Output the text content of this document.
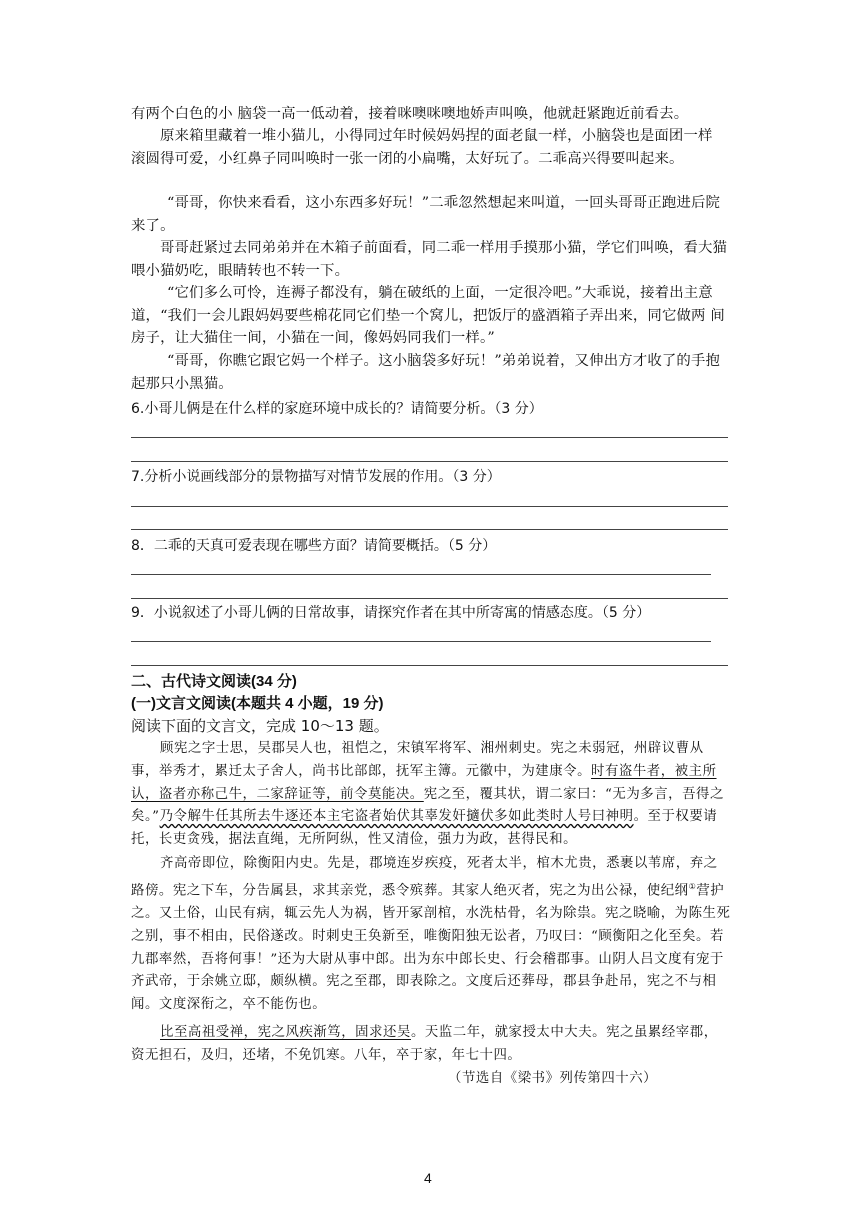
有两个白色的小 脑袋一高一低动着，接着咪噢咪噢地娇声叫唤，他就赶紧跑近前看去。

原来箱里藏着一堆小猫儿，小得同过年时候妈妈捏的面老鼠一样，小脑袋也是面团一样 滚圆得可爱，小红鼻子同叫唤时一张一闭的小扁嘴，太好玩了。二乖高兴得要叫起来。

“哥哥，你快来看看，这小东西多好玩！”二乖忽然想起来叫道，一回头哥哥正跑进后院 来了。

哥哥赶紧过去同弟弟并在木箱子前面看，同二乖一样用手摸那小猫，学它们叫唤，看大猫 喂小猫奶吃，眼睛转也不转一下。

“它们多么可怜，连褥子都没有，躺在破纸的上面，一定很冷吧。”大乖说，接着出主意 道，“我们一会儿跟妈妈要些棉花同它们垫一个窝儿，把饭厅的盛酒箱子弄出来，同它做两 间房子，让大猫住一间，小猫在一间，像妈妈同我们一样。”

“哥哥，你瞧它跟它妈一个样子。这小脑袋多好玩！”弟弟说着，又伸出方才收了的手抱 起那只小黑猫。

6.小哥儿俩是在什么样的家庭环境中成长的？请简要分析。（3 分）

7.分析小说画线部分的景物描写对情节发展的作用。（3 分）

8．二乖的天真可爱表现在哪些方面？请简要概括。（5 分）

9．小说叙述了小哥儿俩的日常故事，请探究作者在其中所寄寓的情感态度。（5 分）

二、古代诗文阅读(34 分)

(一)文言文阅读(本题共 4 小题，19 分)

阅读下面的文言文，完成 10～13 题。

顾宪之字士思，吴郡吴人也，祖恺之，宋镇军将军、湘州刺史。宪之未弱冠，州辟议曹从事，举秀才，累迁太子舍人，尚书比部郎，抚军主簿。元徽中，为建康令。时有盗牛者，被主所认，盗者亦称己牛，二家辞证等，前令莫能决。宪之至，覆其状，谓二家曰：“无为多言，吾得之矣。”乃令解牛任其所去牛逐还本主宅盗者始伏其辜发奸擿伏多如此类时人号曰神明。至于权要请托，长吏贪残，据法直绳，无所阿纵，性又清俭，强力为政，甚得民和。

齐高帝即位，除衡阳内史。先是，郡境连岁疾疫，死者太半，棺木尤贵，悉裹以苇席，弃之路傍。宪之下车，分告属县，求其亲党，悉令殡葬。其家人绝灭者，宪之为出公禄，使纪纲①营护之。又土俗，山民有病，辄云先人为祸，皆开冢剖棺，水洗枯骨，名为除祟。宪之晓喻，为陈生死之别，事不相由，民俗遂改。时刺史王奂新至，唯衡阳独无讼者，乃叹曰：“顾衡阳之化至矣。若九郡率然，吾将何事！”还为大尉从事中郎。出为东中郎长史、行会稽郡事。山阴人吕文度有宠于齐武帝，于余姚立邸，颇纵横。宪之至郡，即表除之。文度后还葬母，郡县争赴吊，宪之不与相闻。文度深衔之，卒不能伤也。

比至高祖受禅，宪之风疾渐笃，固求还吴。天监二年，就家授太中大夫。宪之虽累经宰郡，资无担石，及归，还堵，不免饥寒。八年，卒于家，年七十四。

（节选自《梁书》列传第四十六）

4
